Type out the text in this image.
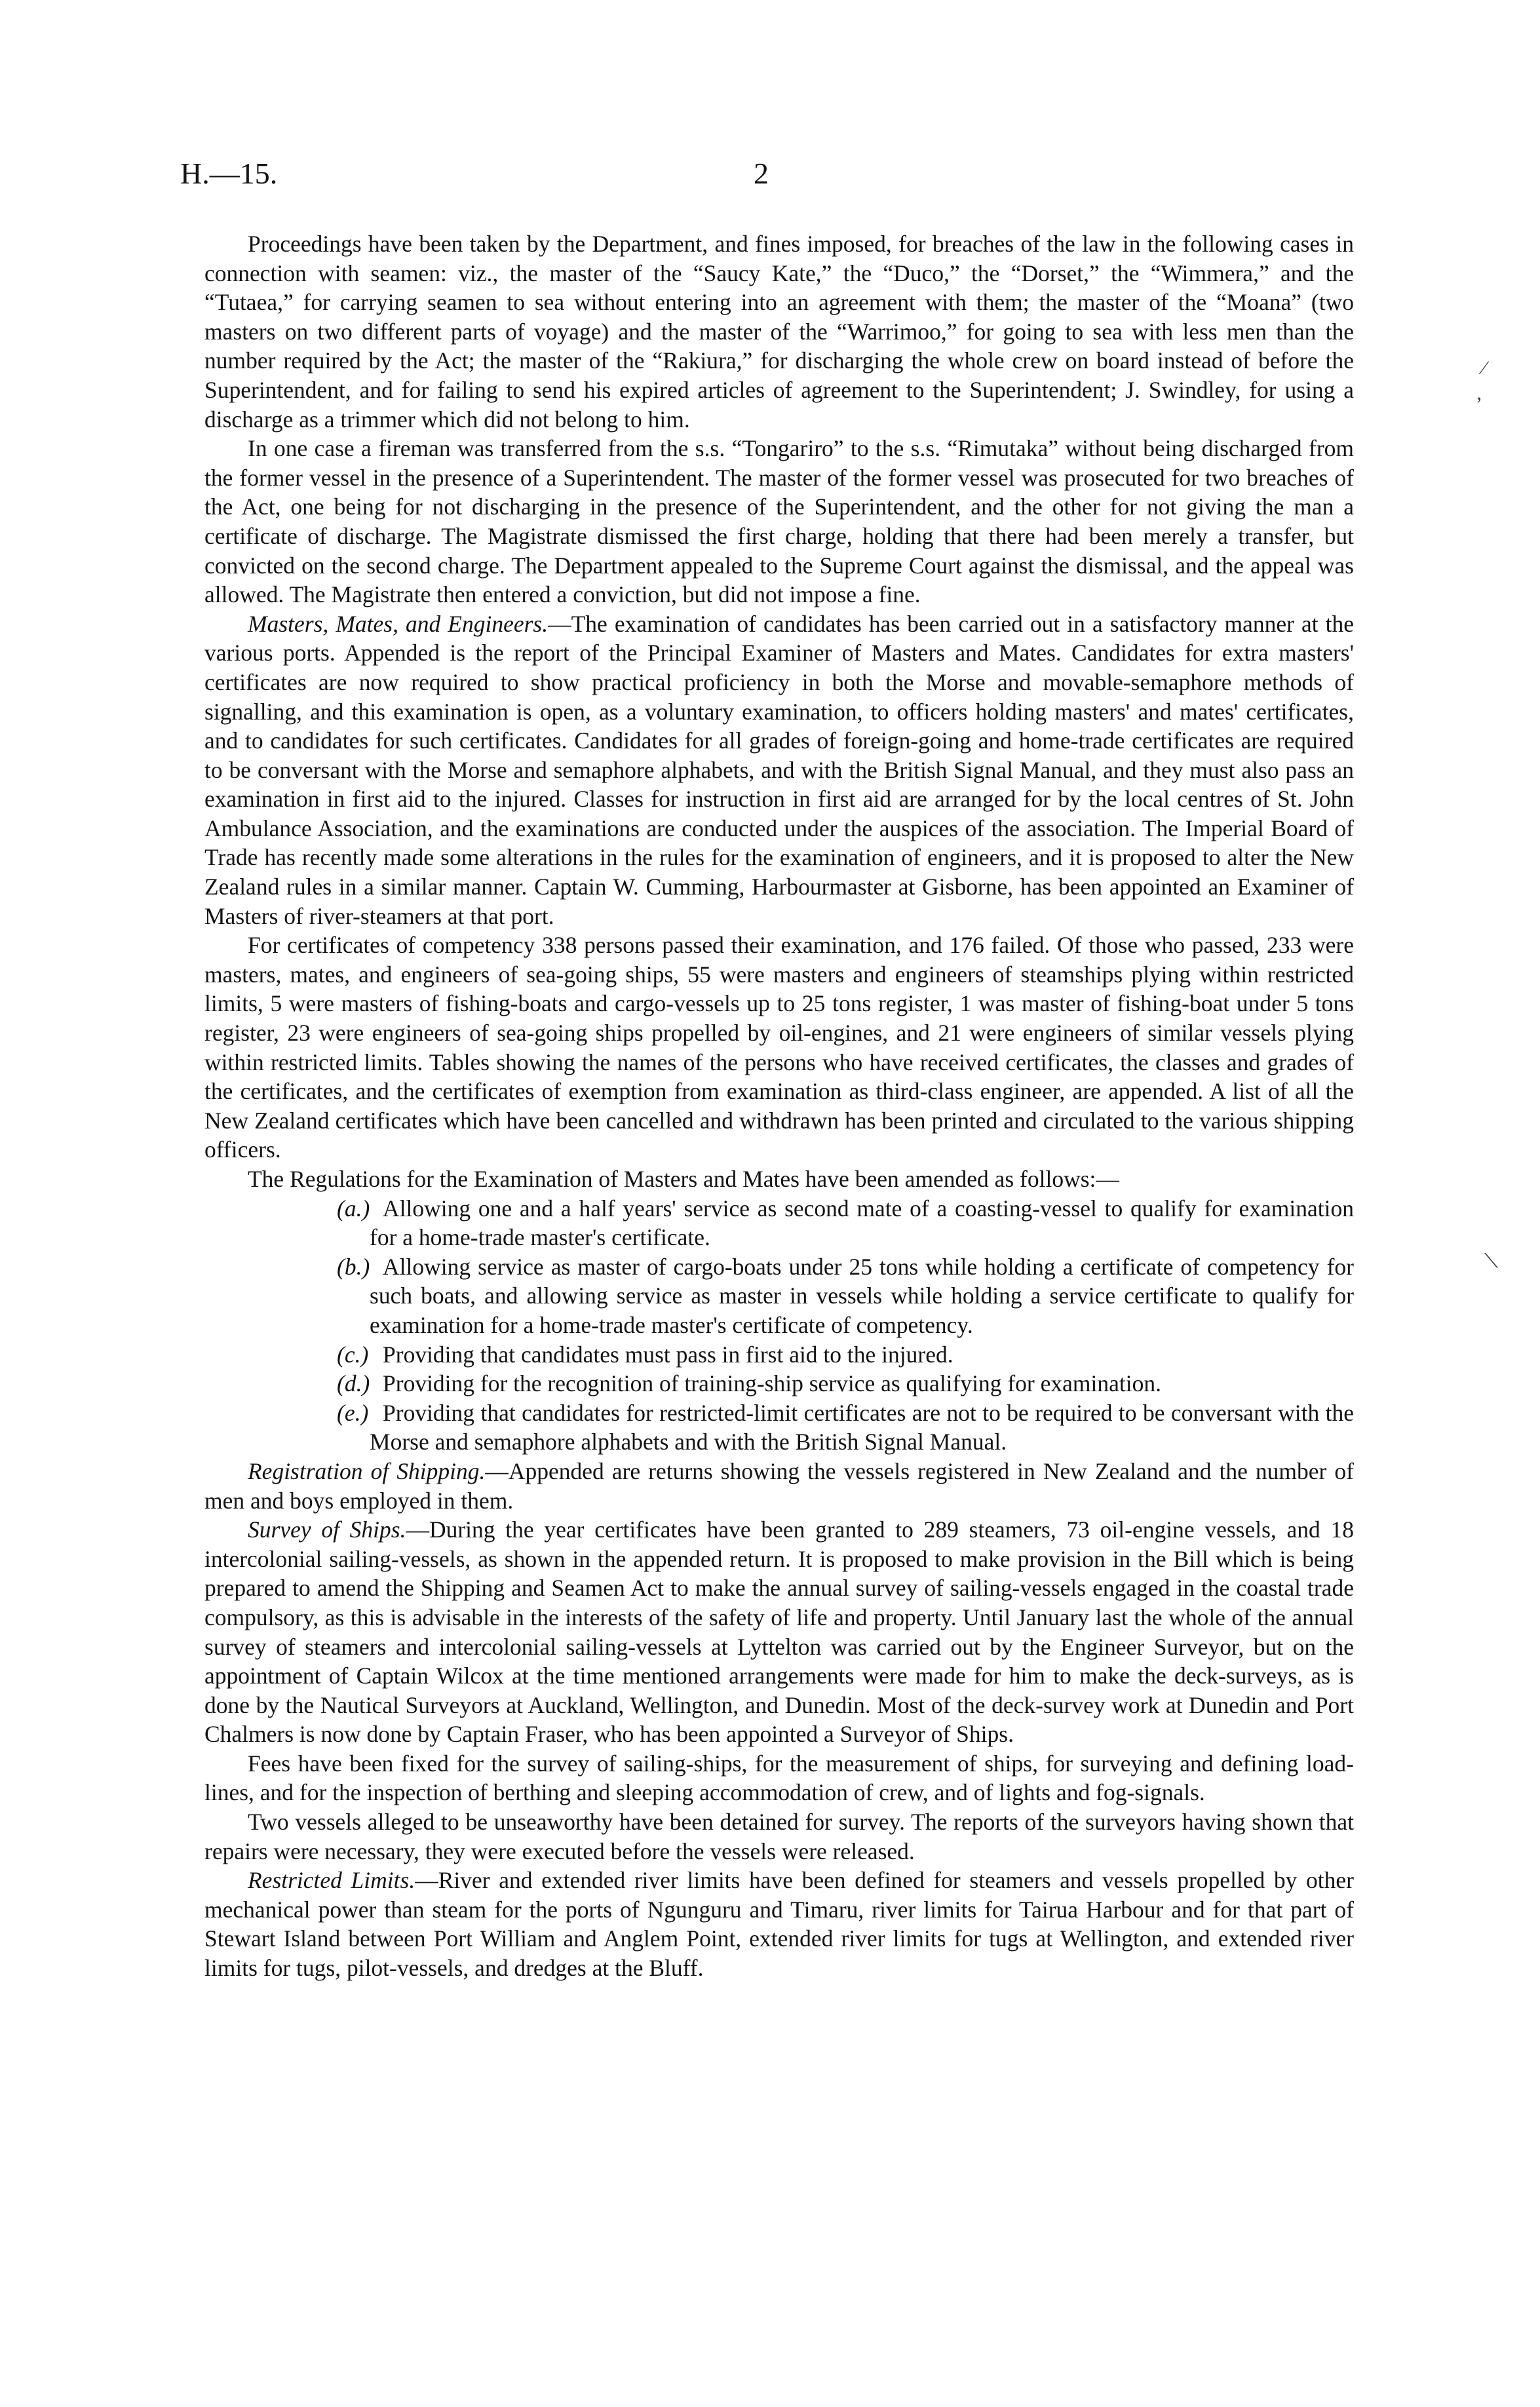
H.—15.	2

Proceedings have been taken by the Department, and fines imposed, for breaches of the law in the following cases in connection with seamen: viz., the master of the “Saucy Kate,” the “Duco,” the “Dorset,” the “Wimmera,” and the “Tutaea,” for carrying seamen to sea without entering into an agreement with them; the master of the “Moana” (two masters on two different parts of voyage) and the master of the “Warrimoo,” for going to sea with less men than the number required by the Act; the master of the “Rakiura,” for discharging the whole crew on board instead of before the Superintendent, and for failing to send his expired articles of agreement to the Superintendent; J. Swindley, for using a discharge as a trimmer which did not belong to him.

In one case a fireman was transferred from the s.s. “Tongariro” to the s.s. “Rimutaka” without being discharged from the former vessel in the presence of a Superintendent. The master of the former vessel was prosecuted for two breaches of the Act, one being for not discharging in the presence of the Superintendent, and the other for not giving the man a certificate of discharge. The Magistrate dismissed the first charge, holding that there had been merely a transfer, but convicted on the second charge. The Department appealed to the Supreme Court against the dismissal, and the appeal was allowed. The Magistrate then entered a conviction, but did not impose a fine.

Masters, Mates, and Engineers.—The examination of candidates has been carried out in a satisfactory manner at the various ports. Appended is the report of the Principal Examiner of Masters and Mates. Candidates for extra masters' certificates are now required to show practical proficiency in both the Morse and movable-semaphore methods of signalling, and this examination is open, as a voluntary examination, to officers holding masters' and mates' certificates, and to candidates for such certificates. Candidates for all grades of foreign-going and home-trade certificates are required to be conversant with the Morse and semaphore alphabets, and with the British Signal Manual, and they must also pass an examination in first aid to the injured. Classes for instruction in first aid are arranged for by the local centres of St. John Ambulance Association, and the examinations are conducted under the auspices of the association. The Imperial Board of Trade has recently made some alterations in the rules for the examination of engineers, and it is proposed to alter the New Zealand rules in a similar manner. Captain W. Cumming, Harbourmaster at Gisborne, has been appointed an Examiner of Masters of river-steamers at that port.

For certificates of competency 338 persons passed their examination, and 176 failed. Of those who passed, 233 were masters, mates, and engineers of sea-going ships, 55 were masters and engineers of steamships plying within restricted limits, 5 were masters of fishing-boats and cargo-vessels up to 25 tons register, 1 was master of fishing-boat under 5 tons register, 23 were engineers of sea-going ships propelled by oil-engines, and 21 were engineers of similar vessels plying within restricted limits. Tables showing the names of the persons who have received certificates, the classes and grades of the certificates, and the certificates of exemption from examination as third-class engineer, are appended. A list of all the New Zealand certificates which have been cancelled and withdrawn has been printed and circulated to the various shipping officers.

The Regulations for the Examination of Masters and Mates have been amended as follows:—

(a.) Allowing one and a half years' service as second mate of a coasting-vessel to qualify for examination for a home-trade master's certificate.
(b.) Allowing service as master of cargo-boats under 25 tons while holding a certificate of competency for such boats, and allowing service as master in vessels while holding a service certificate to qualify for examination for a home-trade master's certificate of competency.
(c.) Providing that candidates must pass in first aid to the injured.
(d.) Providing for the recognition of training-ship service as qualifying for examination.
(e.) Providing that candidates for restricted-limit certificates are not to be required to be conversant with the Morse and semaphore alphabets and with the British Signal Manual.

Registration of Shipping.—Appended are returns showing the vessels registered in New Zealand and the number of men and boys employed in them.

Survey of Ships.—During the year certificates have been granted to 289 steamers, 73 oil-engine vessels, and 18 intercolonial sailing-vessels, as shown in the appended return. It is proposed to make provision in the Bill which is being prepared to amend the Shipping and Seamen Act to make the annual survey of sailing-vessels engaged in the coastal trade compulsory, as this is advisable in the interests of the safety of life and property. Until January last the whole of the annual survey of steamers and intercolonial sailing-vessels at Lyttelton was carried out by the Engineer Surveyor, but on the appointment of Captain Wilcox at the time mentioned arrangements were made for him to make the deck-surveys, as is done by the Nautical Surveyors at Auckland, Wellington, and Dunedin. Most of the deck-survey work at Dunedin and Port Chalmers is now done by Captain Fraser, who has been appointed a Surveyor of Ships.

Fees have been fixed for the survey of sailing-ships, for the measurement of ships, for surveying and defining load-lines, and for the inspection of berthing and sleeping accommodation of crew, and of lights and fog-signals.

Two vessels alleged to be unseaworthy have been detained for survey. The reports of the surveyors having shown that repairs were necessary, they were executed before the vessels were released.

Restricted Limits.—River and extended river limits have been defined for steamers and vessels propelled by other mechanical power than steam for the ports of Ngunguru and Timaru, river limits for Tairua Harbour and for that part of Stewart Island between Port William and Anglem Point, extended river limits for tugs at Wellington, and extended river limits for tugs, pilot-vessels, and dredges at the Bluff.

⁄
’
⟍
